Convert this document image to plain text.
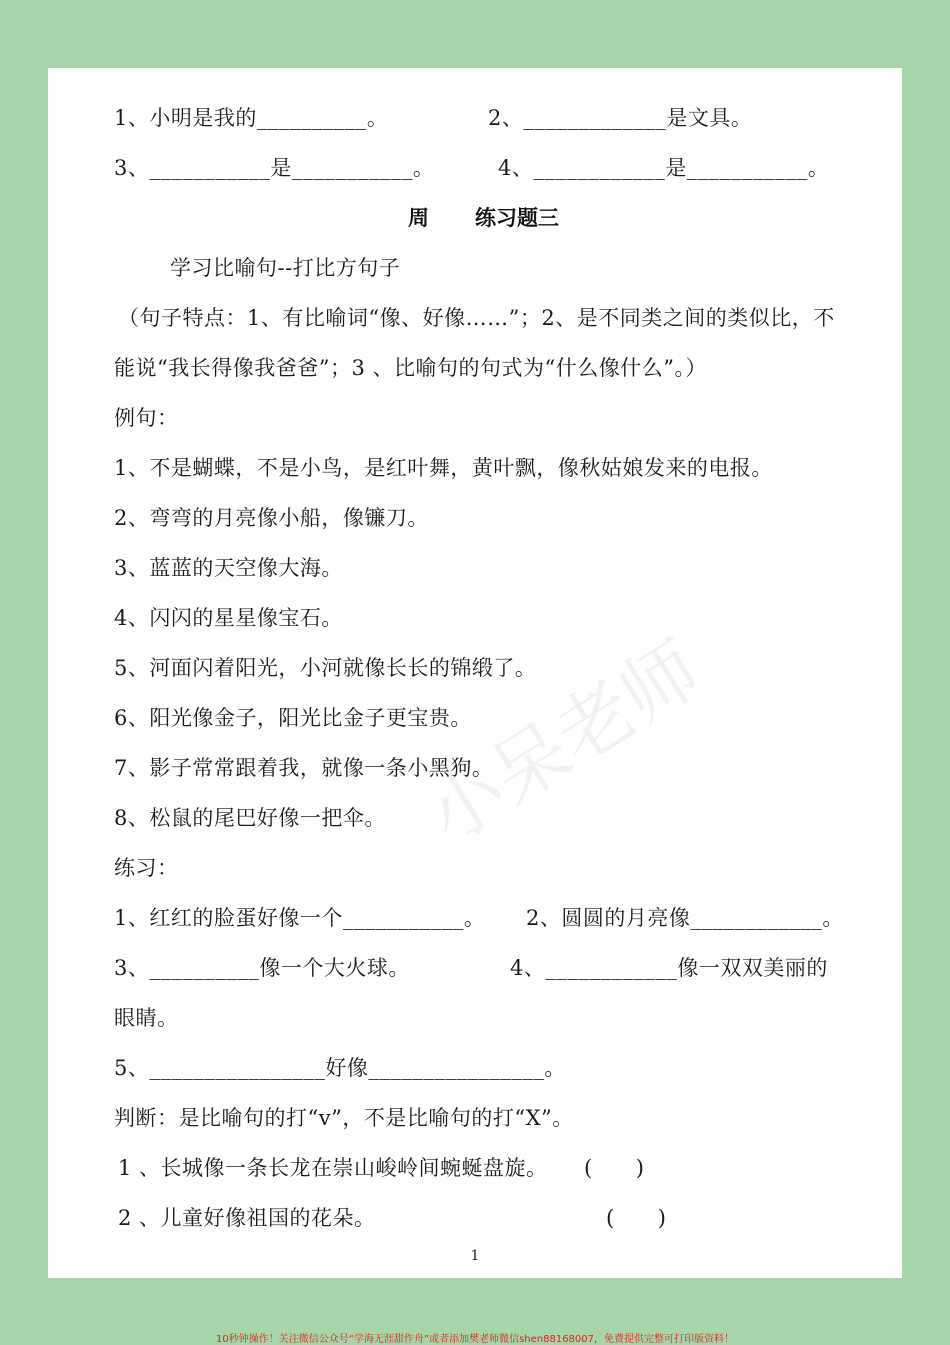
小呆老师
1、小明是我的__________。	2、_____________是文具。
3、___________是___________。	4、____________是___________。
周 练习题三
学习比喻句--打比方句子
（句子特点：1、有比喻词“像、好像……”；2、是不同类之间的类似比，不
能说“我长得像我爸爸”；3 、比喻句的句式为“什么像什么”。）
例句：
1、不是蝴蝶，不是小鸟，是红叶舞，黄叶飘，像秋姑娘发来的电报。
2、弯弯的月亮像小船，像镰刀。
3、蓝蓝的天空像大海。
4、闪闪的星星像宝石。
5、河面闪着阳光，小河就像长长的锦缎了。
6、阳光像金子，阳光比金子更宝贵。
7、影子常常跟着我，就像一条小黑狗。
8、松鼠的尾巴好像一把伞。
练习：
1、红红的脸蛋好像一个___________。 2、圆圆的月亮像____________。
3、__________像一个大火球。	4、____________像一双双美丽的
眼睛。
5、________________好像________________。
判断：是比喻句的打“v”，不是比喻句的打“X”。
1 、长城像一条长龙在崇山峻岭间蜿蜒盘旋。 (　　)
2 、儿童好像祖国的花朵。	(　　)
1
10秒钟操作！关注微信公众号“学海无涯甜作舟”或者添加樊老师微信shen88168007，免费提供完整可打印版资料！
